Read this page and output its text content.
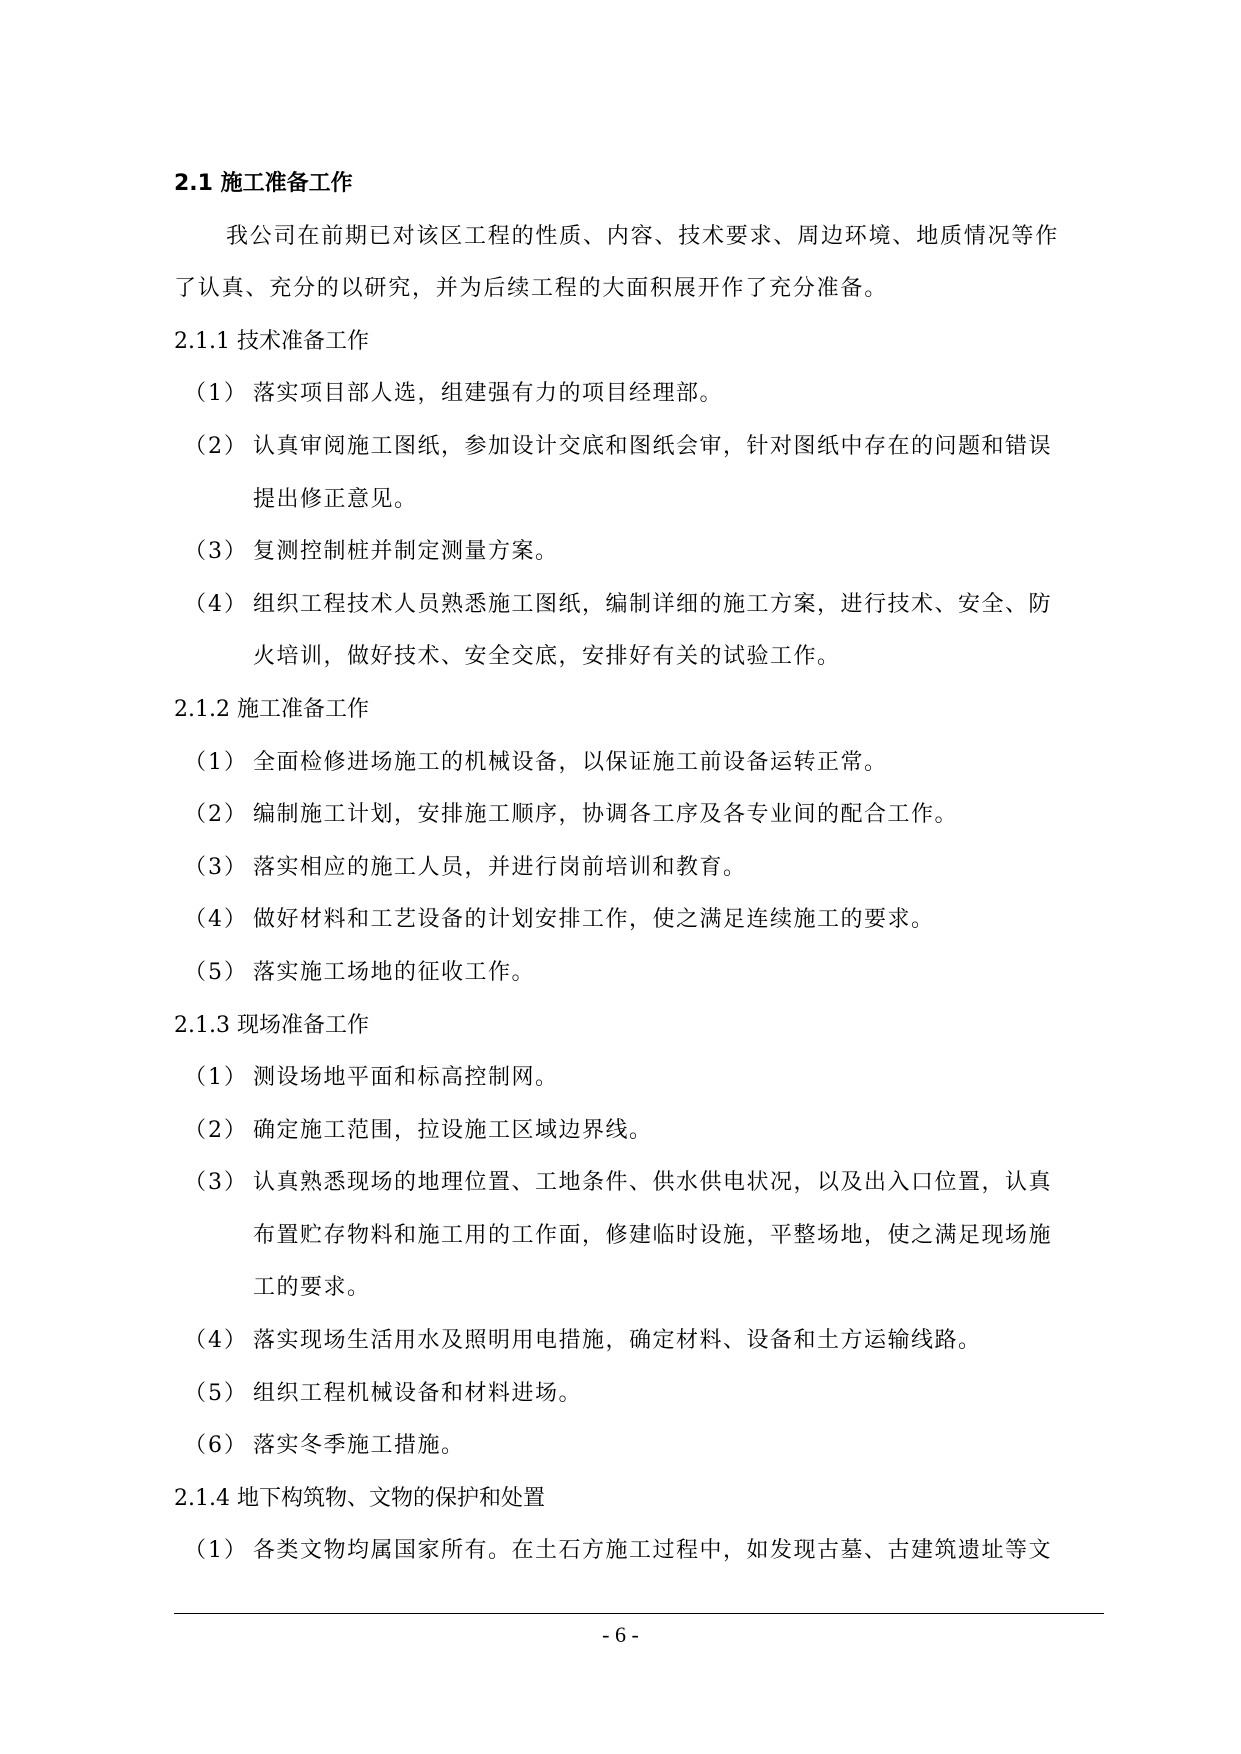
2.1 施工准备工作
我公司在前期已对该区工程的性质、内容、技术要求、周边环境、地质情况等作
了认真、充分的以研究，并为后续工程的大面积展开作了充分准备。
2.1.1 技术准备工作
（1） 落实项目部人选，组建强有力的项目经理部。
（2） 认真审阅施工图纸，参加设计交底和图纸会审，针对图纸中存在的问题和错误
提出修正意见。
（3） 复测控制桩并制定测量方案。
（4） 组织工程技术人员熟悉施工图纸，编制详细的施工方案，进行技术、安全、防
火培训，做好技术、安全交底，安排好有关的试验工作。
2.1.2 施工准备工作
（1） 全面检修进场施工的机械设备，以保证施工前设备运转正常。
（2） 编制施工计划，安排施工顺序，协调各工序及各专业间的配合工作。
（3） 落实相应的施工人员，并进行岗前培训和教育。
（4） 做好材料和工艺设备的计划安排工作，使之满足连续施工的要求。
（5） 落实施工场地的征收工作。
2.1.3 现场准备工作
（1） 测设场地平面和标高控制网。
（2） 确定施工范围，拉设施工区域边界线。
（3） 认真熟悉现场的地理位置、工地条件、供水供电状况，以及出入口位置，认真
布置贮存物料和施工用的工作面，修建临时设施，平整场地，使之满足现场施
工的要求。
（4） 落实现场生活用水及照明用电措施，确定材料、设备和土方运输线路。
（5） 组织工程机械设备和材料进场。
（6） 落实冬季施工措施。
2.1.4 地下构筑物、文物的保护和处置
（1） 各类文物均属国家所有。在土石方施工过程中，如发现古墓、古建筑遗址等文
- 6 -
